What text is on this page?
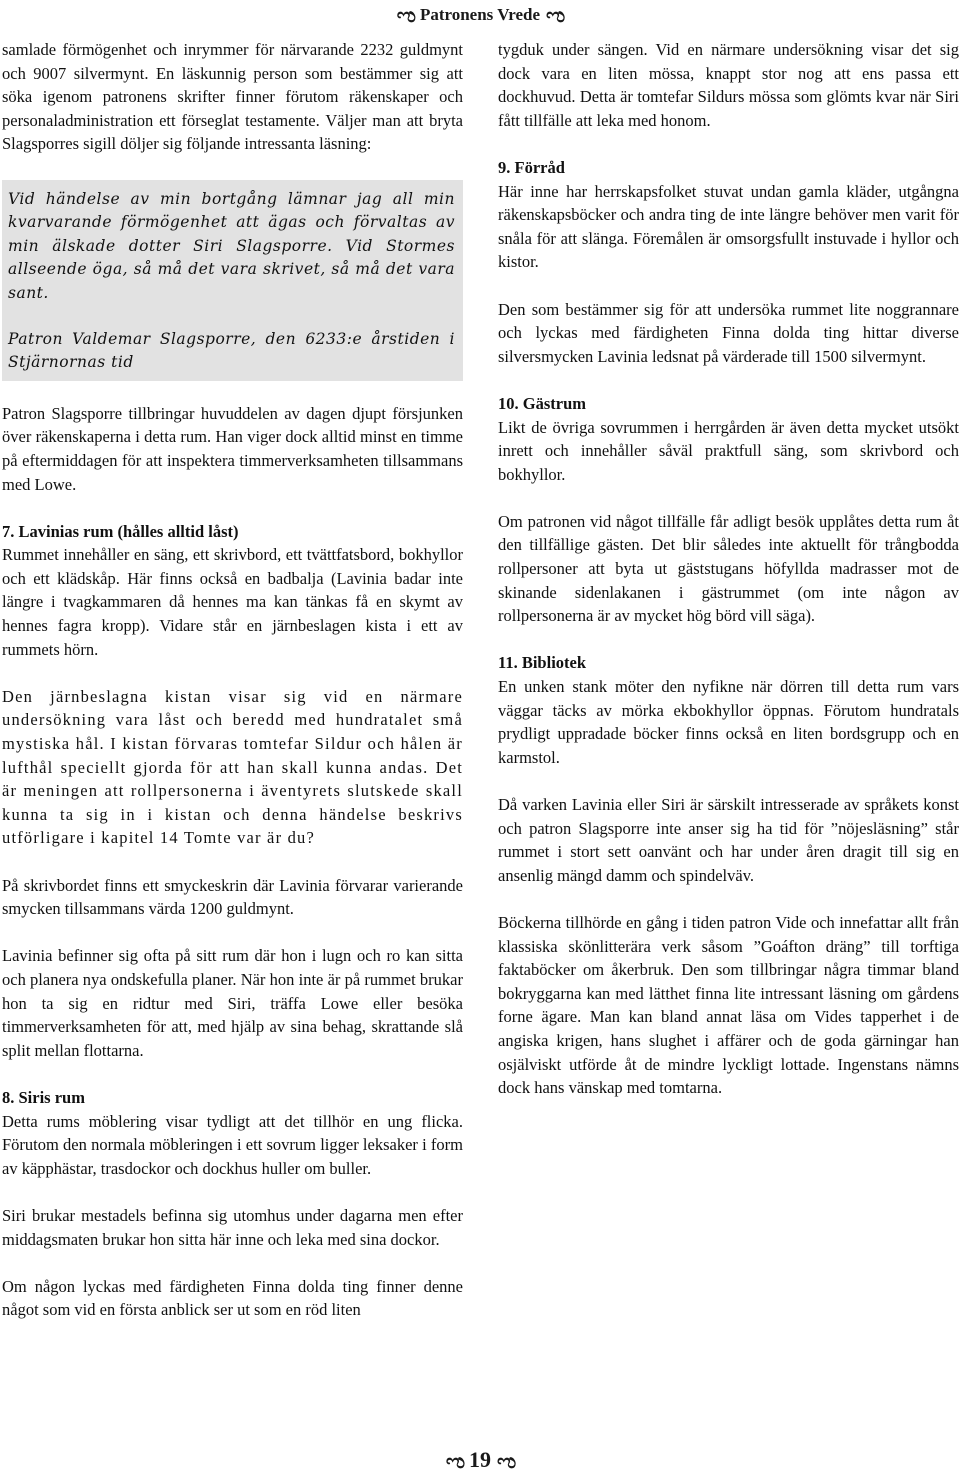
ಌ Patronens Vrede ಌ

samlade förmögenhet och inrymmer för närvarande 2232 guldmynt och 9007 silvermynt. En läskunnig person som bestämmer sig att söka igenom patronens skrifter finner förutom räkenskaper och personaladministration ett förseglat testamente. Väljer man att bryta Slagsporres sigill döljer sig följande intressanta läsning:

Vid händelse av min bortgång lämnar jag all min kvarvarande förmögenhet att ägas och förvaltas av min älskade dotter Siri Slagsporre. Vid Stormes allseende öga, så må det vara skrivet, så må det vara sant.

Patron Valdemar Slagsporre, den 6233:e årstiden i Stjärnornas tid

Patron Slagsporre tillbringar huvuddelen av dagen djupt försjunken över räkenskaperna i detta rum. Han viger dock alltid minst en timme på eftermiddagen för att inspektera timmerverksamheten tillsammans med Lowe.

7. Lavinias rum (hålles alltid låst)
Rummet innehåller en säng, ett skrivbord, ett tvättfatsbord, bokhyllor och ett klädskåp. Här finns också en badbalja (Lavinia badar inte längre i tvagkammaren då hennes ma kan tänkas få en skymt av hennes fagra kropp). Vidare står en järnbeslagen kista i ett av rummets hörn.

Den järnbeslagna kistan visar sig vid en närmare undersökning vara låst och beredd med hundratalet små mystiska hål. I kistan förvaras tomtefar Sildur och hålen är lufthål speciellt gjorda för att han skall kunna andas. Det är meningen att rollpersonerna i äventyrets slutskede skall kunna ta sig in i kistan och denna händelse beskrivs utförligare i kapitel 14 Tomte var är du?

På skrivbordet finns ett smyckeskrin där Lavinia förvarar varierande smycken tillsammans värda 1200 guldmynt.

Lavinia befinner sig ofta på sitt rum där hon i lugn och ro kan sitta och planera nya ondskefulla planer. När hon inte är på rummet brukar hon ta sig en ridtur med Siri, träffa Lowe eller besöka timmerverksamheten för att, med hjälp av sina behag, skrattande slå split mellan flottarna.

8. Siris rum
Detta rums möblering visar tydligt att det tillhör en ung flicka. Förutom den normala möbleringen i ett sovrum ligger leksaker i form av käpphästar, trasdockor och dockhus huller om buller.

Siri brukar mestadels befinna sig utomhus under dagarna men efter middagsmaten brukar hon sitta här inne och leka med sina dockor.

Om någon lyckas med färdigheten Finna dolda ting finner denne något som vid en första anblick ser ut som en röd liten

tygduk under sängen. Vid en närmare undersökning visar det sig dock vara en liten mössa, knappt stor nog att ens passa ett dockhuvud. Detta är tomtefar Sildurs mössa som glömts kvar när Siri fått tillfälle att leka med honom.

9. Förråd
Här inne har herrskapsfolket stuvat undan gamla kläder, utgångna räkenskapsböcker och andra ting de inte längre behöver men varit för snåla för att slänga. Föremålen är omsorgsfullt instuvade i hyllor och kistor.

Den som bestämmer sig för att undersöka rummet lite noggrannare och lyckas med färdigheten Finna dolda ting hittar diverse silversmycken Lavinia ledsnat på värderade till 1500 silvermynt.

10. Gästrum
Likt de övriga sovrummen i herrgården är även detta mycket utsökt inrett och innehåller såväl praktfull säng, som skrivbord och bokhyllor.

Om patronen vid något tillfälle får adligt besök upplåtes detta rum åt den tillfällige gästen. Det blir således inte aktuellt för trångbodda rollpersoner att byta ut gäststugans höfyllda madrasser mot de skinande sidenlakanen i gästrummet (om inte någon av rollpersonerna är av mycket hög börd vill säga).

11. Bibliotek
En unken stank möter den nyfikne när dörren till detta rum vars väggar täcks av mörka ekbokhyllor öppnas. Förutom hundratals prydligt uppradade böcker finns också en liten bordsgrupp och en karmstol.

Då varken Lavinia eller Siri är särskilt intresserade av språkets konst och patron Slagsporre inte anser sig ha tid för ”nöjesläsning” står rummet i stort sett oanvänt och har under åren dragit till sig en ansenlig mängd damm och spindelväv.

Böckerna tillhörde en gång i tiden patron Vide och innefattar allt från klassiska skönlitterära verk såsom ”Goáfton dräng” till torftiga faktaböcker om åkerbruk. Den som tillbringar några timmar bland bokryggarna kan med lätthet finna lite intressant läsning om gårdens forne ägare. Man kan bland annat läsa om Vides tapperhet i de angiska krigen, hans slughet i affärer och de goda gärningar han osjälviskt utförde åt de mindre lyckligt lottade. Ingenstans nämns dock hans vänskap med tomtarna.

ಌ 19 ಌ
